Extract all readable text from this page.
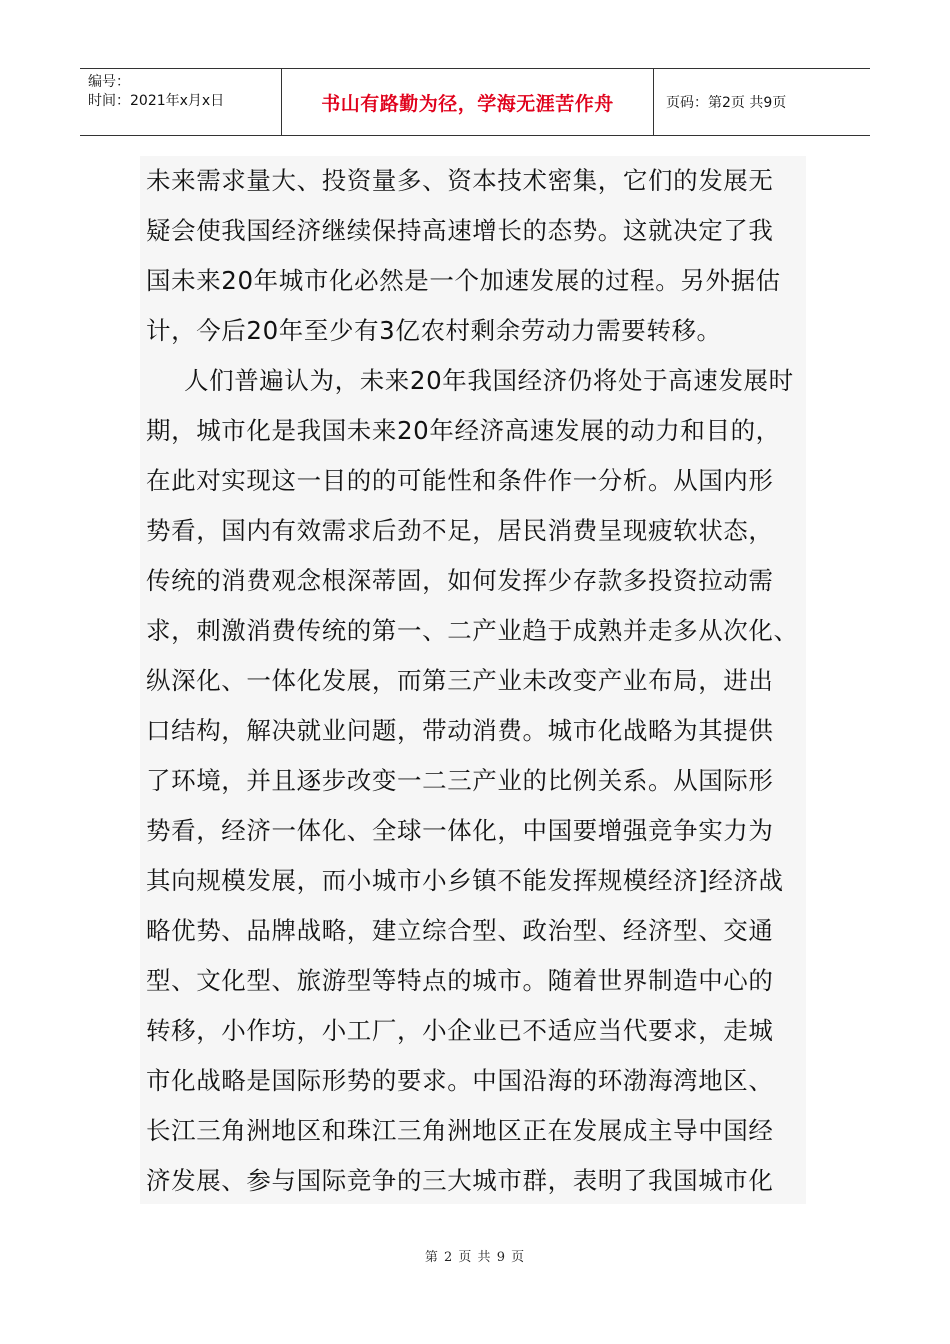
编号：
时间：2021年x月x日	书山有路勤为径，学海无涯苦作舟	页码：第2页 共9页

未来需求量大、投资量多、资本技术密集，它们的发展无
疑会使我国经济继续保持高速增长的态势。这就决定了我
国未来20年城市化必然是一个加速发展的过程。另外据估
计，今后20年至少有3亿农村剩余劳动力需要转移。

人们普遍认为，未来20年我国经济仍将处于高速发展时
期，城市化是我国未来20年经济高速发展的动力和目的，
在此对实现这一目的的可能性和条件作一分析。从国内形
势看，国内有效需求后劲不足，居民消费呈现疲软状态，
传统的消费观念根深蒂固，如何发挥少存款多投资拉动需
求，刺激消费传统的第一、二产业趋于成熟并走多从次化、
纵深化、一体化发展，而第三产业未改变产业布局，进出
口结构，解决就业问题，带动消费。城市化战略为其提供
了环境，并且逐步改变一二三产业的比例关系。从国际形
势看，经济一体化、全球一体化，中国要增强竞争实力为
其向规模发展，而小城市小乡镇不能发挥规模经济]经济战
略优势、品牌战略，建立综合型、政治型、经济型、交通
型、文化型、旅游型等特点的城市。随着世界制造中心的
转移，小作坊，小工厂，小企业已不适应当代要求，走城
市化战略是国际形势的要求。中国沿海的环渤海湾地区、
长江三角洲地区和珠江三角洲地区正在发展成主导中国经
济发展、参与国际竞争的三大城市群，表明了我国城市化

第 2 页 共 9 页
